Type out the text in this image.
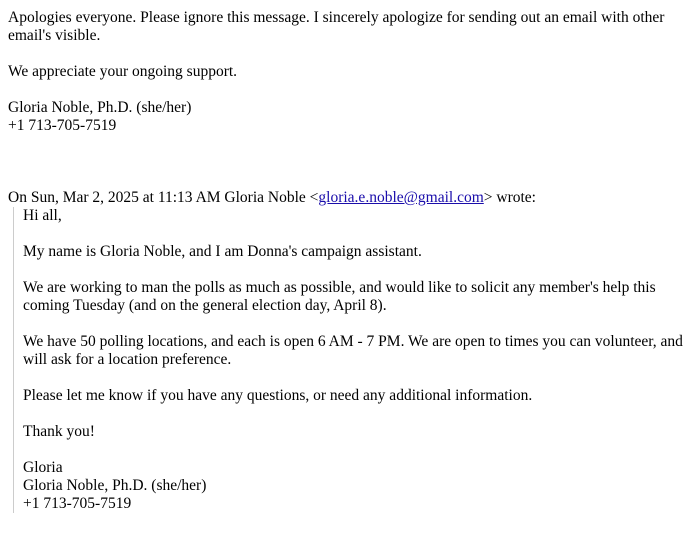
Apologies everyone. Please ignore this message. I sincerely apologize for sending out an email with other email's visible.
We appreciate your ongoing support.
Gloria Noble, Ph.D. (she/her)
+1 713-705-7519
On Sun, Mar 2, 2025 at 11:13 AM Gloria Noble <gloria.e.noble@gmail.com> wrote:
Hi all,
My name is Gloria Noble, and I am Donna's campaign assistant.
We are working to man the polls as much as possible, and would like to solicit any member's help this coming Tuesday (and on the general election day, April 8).
We have 50 polling locations, and each is open 6 AM - 7 PM. We are open to times you can volunteer, and will ask for a location preference.
Please let me know if you have any questions, or need any additional information.
Thank you!
Gloria
Gloria Noble, Ph.D. (she/her)
+1 713-705-7519
